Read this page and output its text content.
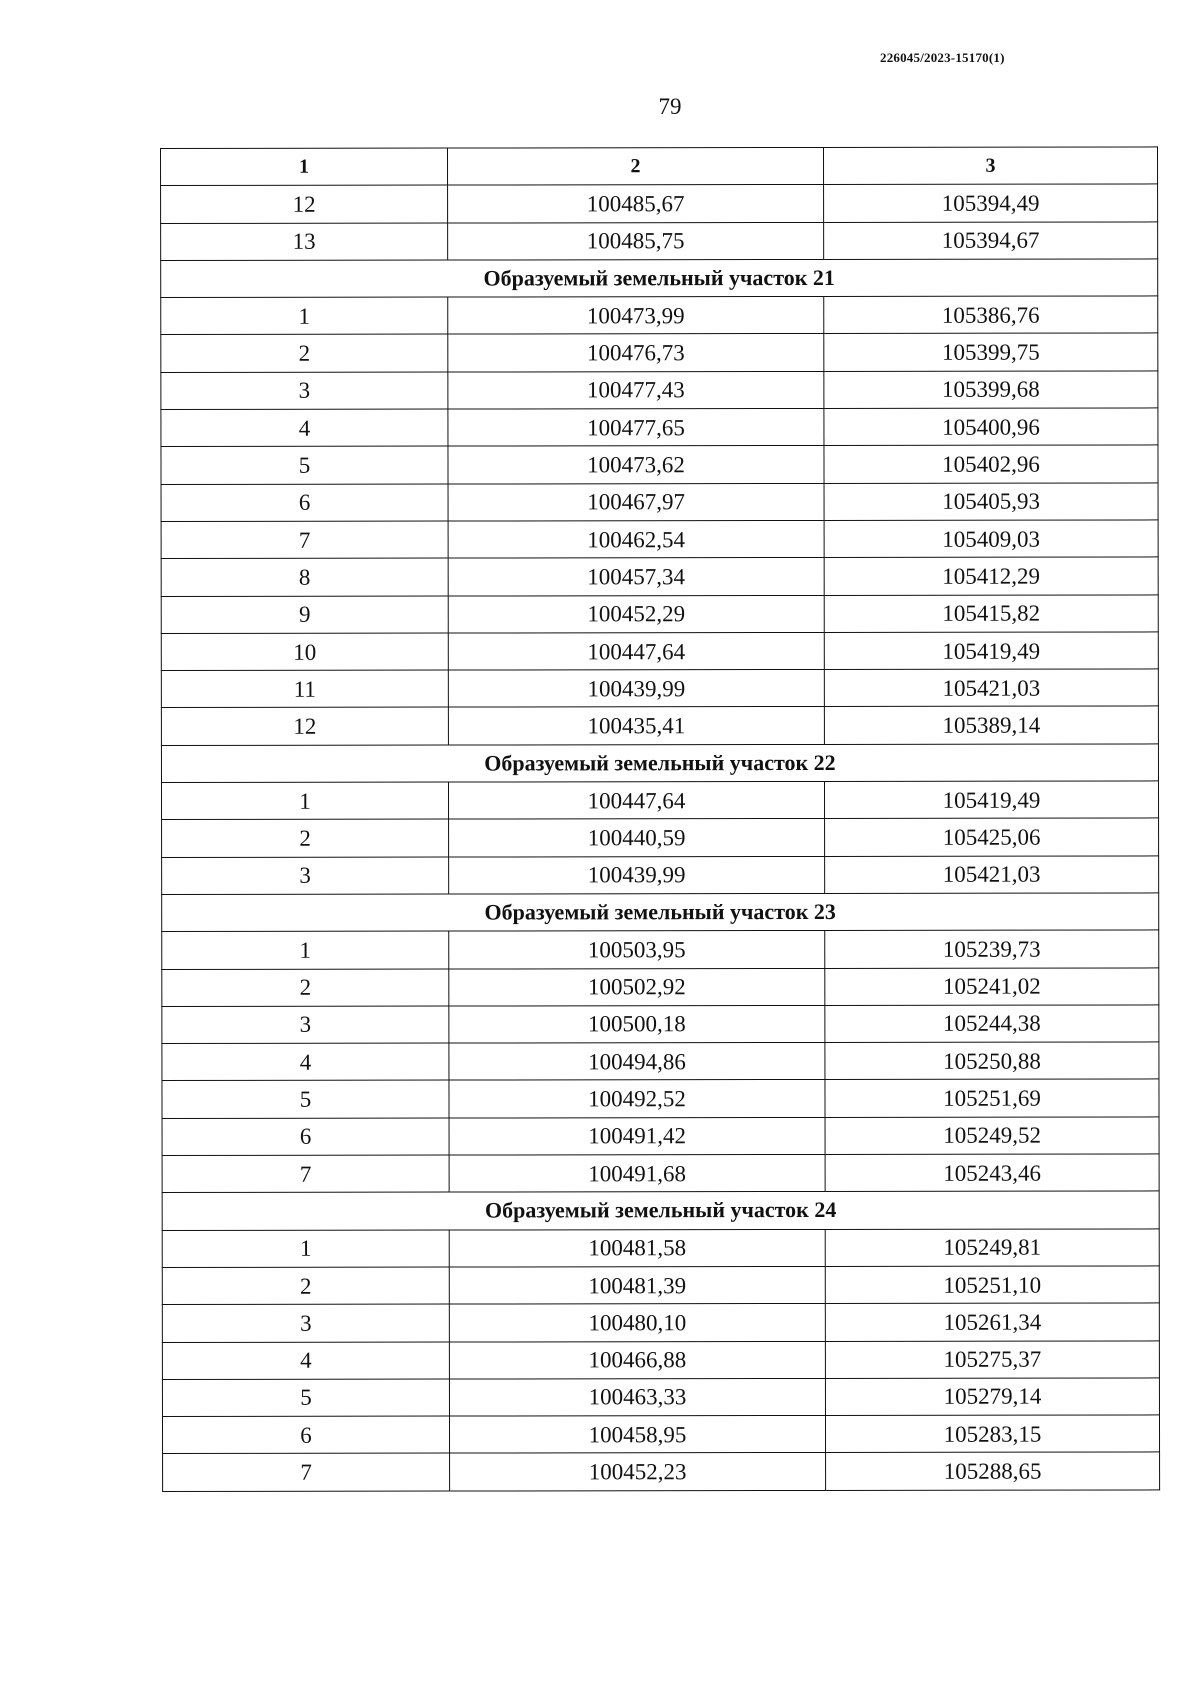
226045/2023-15170(1)
79
1	2	3
12	100485,67	105394,49
13	100485,75	105394,67
Образуемый земельный участок 21		
1	100473,99	105386,76
2	100476,73	105399,75
3	100477,43	105399,68
4	100477,65	105400,96
5	100473,62	105402,96
6	100467,97	105405,93
7	100462,54	105409,03
8	100457,34	105412,29
9	100452,29	105415,82
10	100447,64	105419,49
11	100439,99	105421,03
12	100435,41	105389,14
Образуемый земельный участок 22		
1	100447,64	105419,49
2	100440,59	105425,06
3	100439,99	105421,03
Образуемый земельный участок 23		
1	100503,95	105239,73
2	100502,92	105241,02
3	100500,18	105244,38
4	100494,86	105250,88
5	100492,52	105251,69
6	100491,42	105249,52
7	100491,68	105243,46
Образуемый земельный участок 24		
1	100481,58	105249,81
2	100481,39	105251,10
3	100480,10	105261,34
4	100466,88	105275,37
5	100463,33	105279,14
6	100458,95	105283,15
7	100452,23	105288,65
